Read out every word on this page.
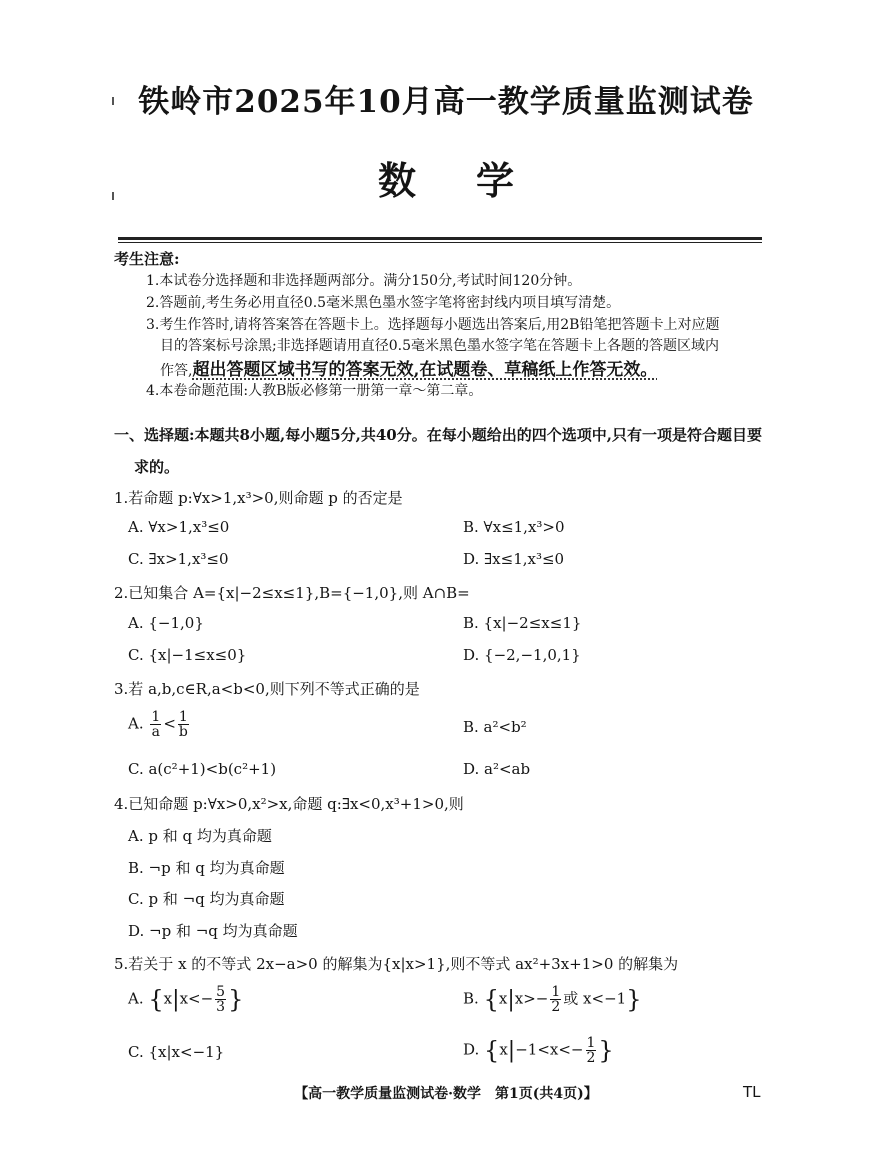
铁岭市2025年10月高一教学质量监测试卷
数学
考生注意:
1.本试卷分选择题和非选择题两部分。满分150分,考试时间120分钟。
2.答题前,考生务必用直径0.5毫米黑色墨水签字笔将密封线内项目填写清楚。
3.考生作答时,请将答案答在答题卡上。选择题每小题选出答案后,用2B铅笔把答题卡上对应题
目的答案标号涂黑;非选择题请用直径0.5毫米黑色墨水签字笔在答题卡上各题的答题区域内
作答,超出答题区域书写的答案无效,在试题卷、草稿纸上作答无效。
4.本卷命题范围:人教B版必修第一册第一章～第二章。
一、选择题:本题共8小题,每小题5分,共40分。在每小题给出的四个选项中,只有一项是符合题目要
求的。
1.若命题 p:∀x>1,x³>0,则命题 p 的否定是
A. ∀x>1,x³≤0	B. ∀x≤1,x³>0
C. ∃x>1,x³≤0	D. ∃x≤1,x³≤0
2.已知集合 A={x|−2≤x≤1},B={−1,0},则 A∩B=
A. {−1,0}	B. {x|−2≤x≤1}
C. {x|−1≤x≤0}	D. {−2,−1,0,1}
3.若 a,b,c∈R,a<b<0,则下列不等式正确的是
A. $\frac{1}{a} < \frac{1}{b}$	B. a²<b²
C. a(c²+1)<b(c²+1)	D. a²<ab
4.已知命题 p:∀x>0,x²>x,命题 q:∃x<0,x³+1>0,则
A. p 和 q 均为真命题
B. ¬p 和 q 均为真命题
C. p 和 ¬q 均为真命题
D. ¬p 和 ¬q 均为真命题
5.若关于 x 的不等式 2x−a>0 的解集为{x|x>1},则不等式 ax²+3x+1>0 的解集为
A. {$x|x<- \frac{5}{3}$ }	B. {$x|x>- \frac{1}{2}$ 或 x<−1}
C. {x|x<−1}	D. {$x|-1<x<- \frac{1}{2}$ }
【高一教学质量监测试卷·数学　第1页(共4页)】	TL
